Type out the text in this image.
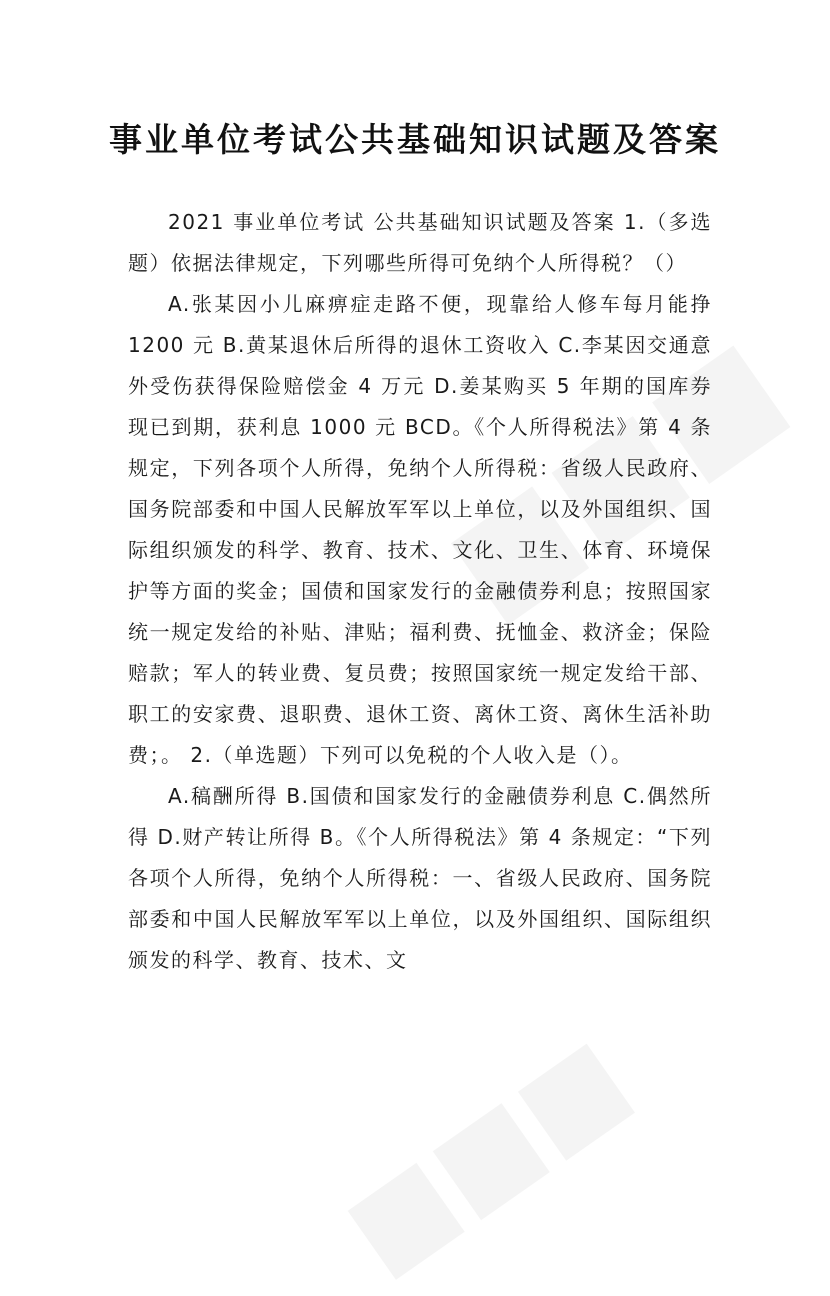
事业单位考试公共基础知识试题及答案

2021 事业单位考试 公共基础知识试题及答案 1.（多选题）依据法律规定，下列哪些所得可免纳个人所得税？（）

A.张某因小儿麻痹症走路不便，现靠给人修车每月能挣 1200 元 B.黄某退休后所得的退休工资收入 C.李某因交通意外受伤获得保险赔偿金 4 万元 D.姜某购买 5 年期的国库券现已到期，获利息 1000 元 BCD。《个人所得税法》第 4 条规定，下列各项个人所得，免纳个人所得税：省级人民政府、国务院部委和中国人民解放军军以上单位，以及外国组织、国际组织颁发的科学、教育、技术、文化、卫生、体育、环境保护等方面的奖金；国债和国家发行的金融债券利息；按照国家统一规定发给的补贴、津贴；福利费、抚恤金、救济金；保险赔款；军人的转业费、复员费；按照国家统一规定发给干部、职工的安家费、退职费、退休工资、离休工资、离休生活补助费；。 2.（单选题）下列可以免税的个人收入是（）。

A.稿酬所得 B.国债和国家发行的金融债券利息 C.偶然所得 D.财产转让所得 B。《个人所得税法》第 4 条规定：“下列各项个人所得，免纳个人所得税：一、省级人民政府、国务院部委和中国人民解放军军以上单位，以及外国组织、国际组织颁发的科学、教育、技术、文
